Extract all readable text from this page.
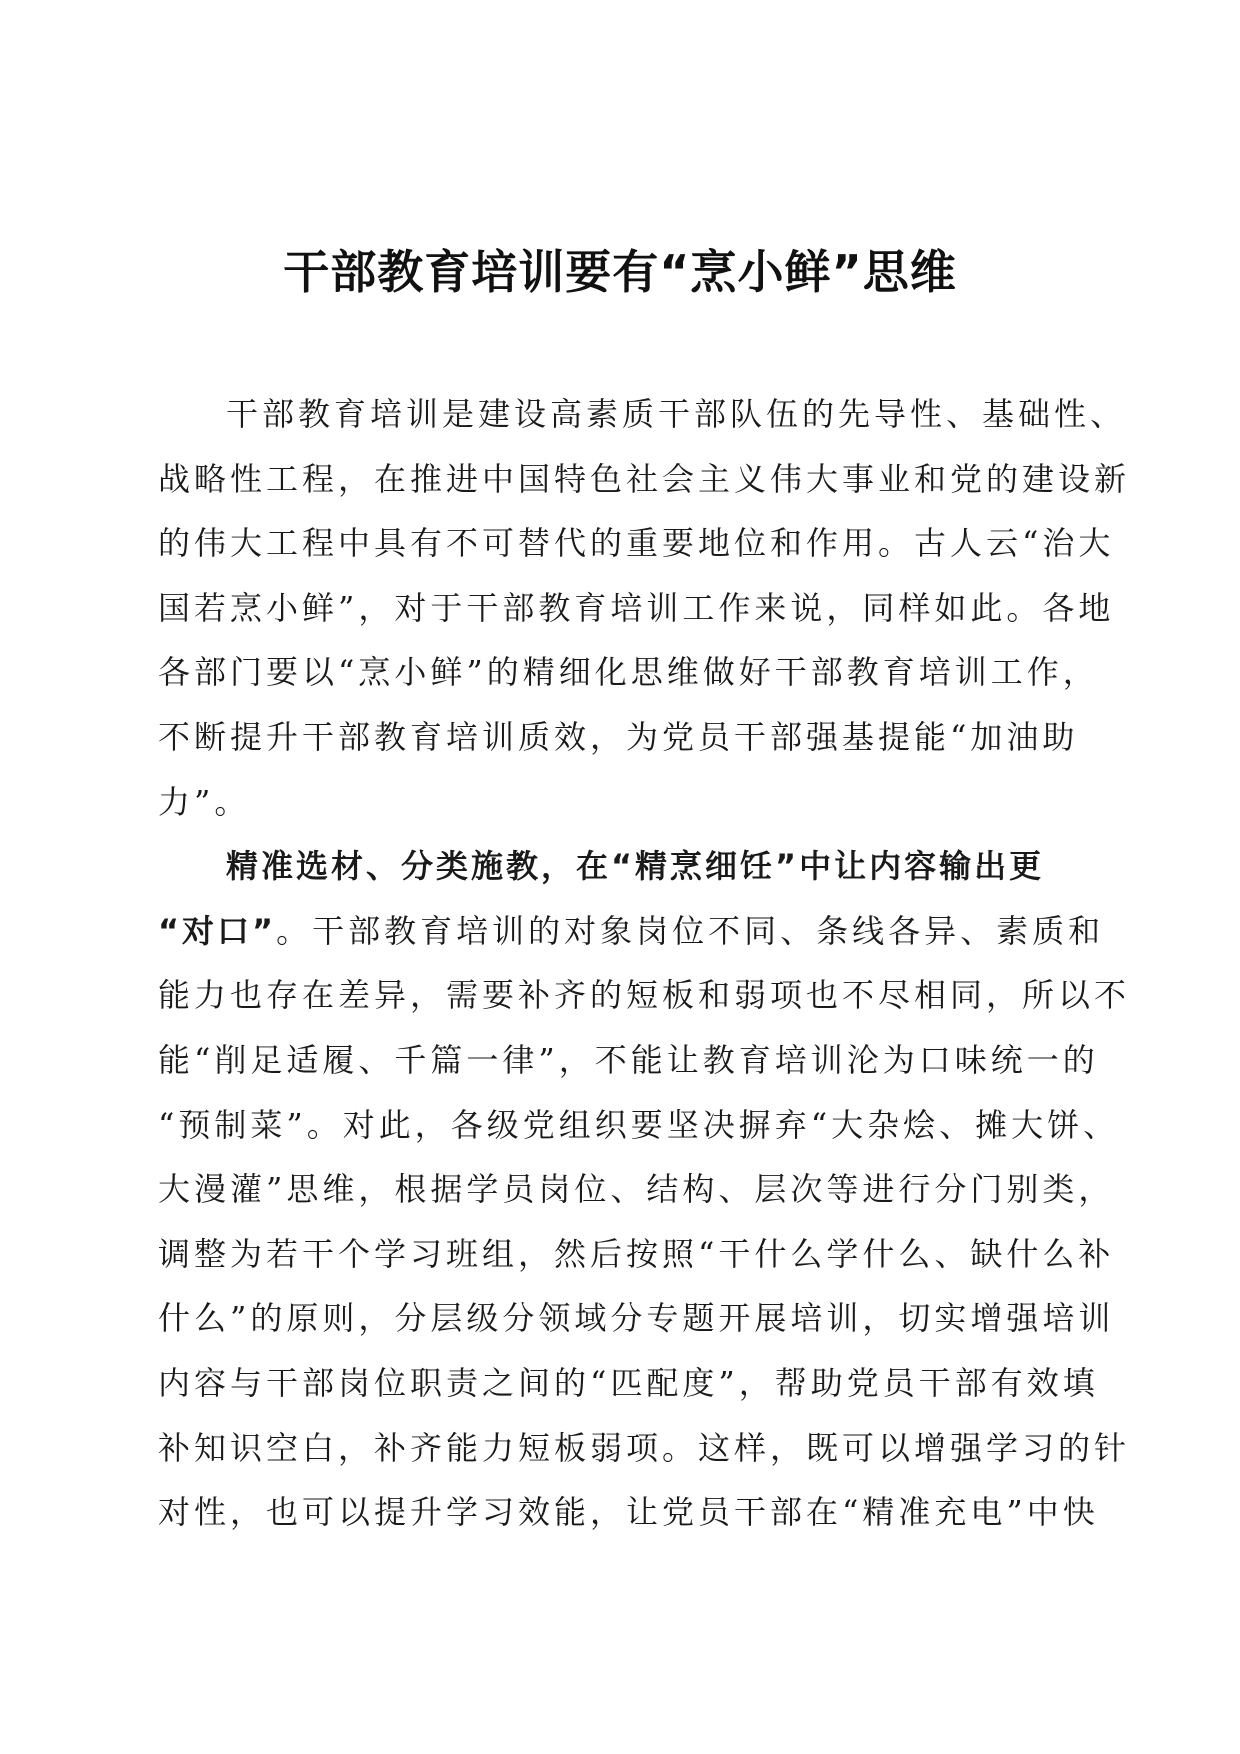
干部教育培训要有“烹小鲜”思维
干部教育培训是建设高素质干部队伍的先导性、基础性、
战略性工程，在推进中国特色社会主义伟大事业和党的建设新
的伟大工程中具有不可替代的重要地位和作用。古人云“治大
国若烹小鲜”，对于干部教育培训工作来说，同样如此。各地
各部门要以“烹小鲜”的精细化思维做好干部教育培训工作，
不断提升干部教育培训质效，为党员干部强基提能“加油助
力”。
精准选材、分类施教，在“精烹细饪”中让内容输出更
“对口”。干部教育培训的对象岗位不同、条线各异、素质和
能力也存在差异，需要补齐的短板和弱项也不尽相同，所以不
能“削足适履、千篇一律”，不能让教育培训沦为口味统一的
“预制菜”。对此，各级党组织要坚决摒弃“大杂烩、摊大饼、
大漫灌”思维，根据学员岗位、结构、层次等进行分门别类，
调整为若干个学习班组，然后按照“干什么学什么、缺什么补
什么”的原则，分层级分领域分专题开展培训，切实增强培训
内容与干部岗位职责之间的“匹配度”，帮助党员干部有效填
补知识空白，补齐能力短板弱项。这样，既可以增强学习的针
对性，也可以提升学习效能，让党员干部在“精准充电”中快
